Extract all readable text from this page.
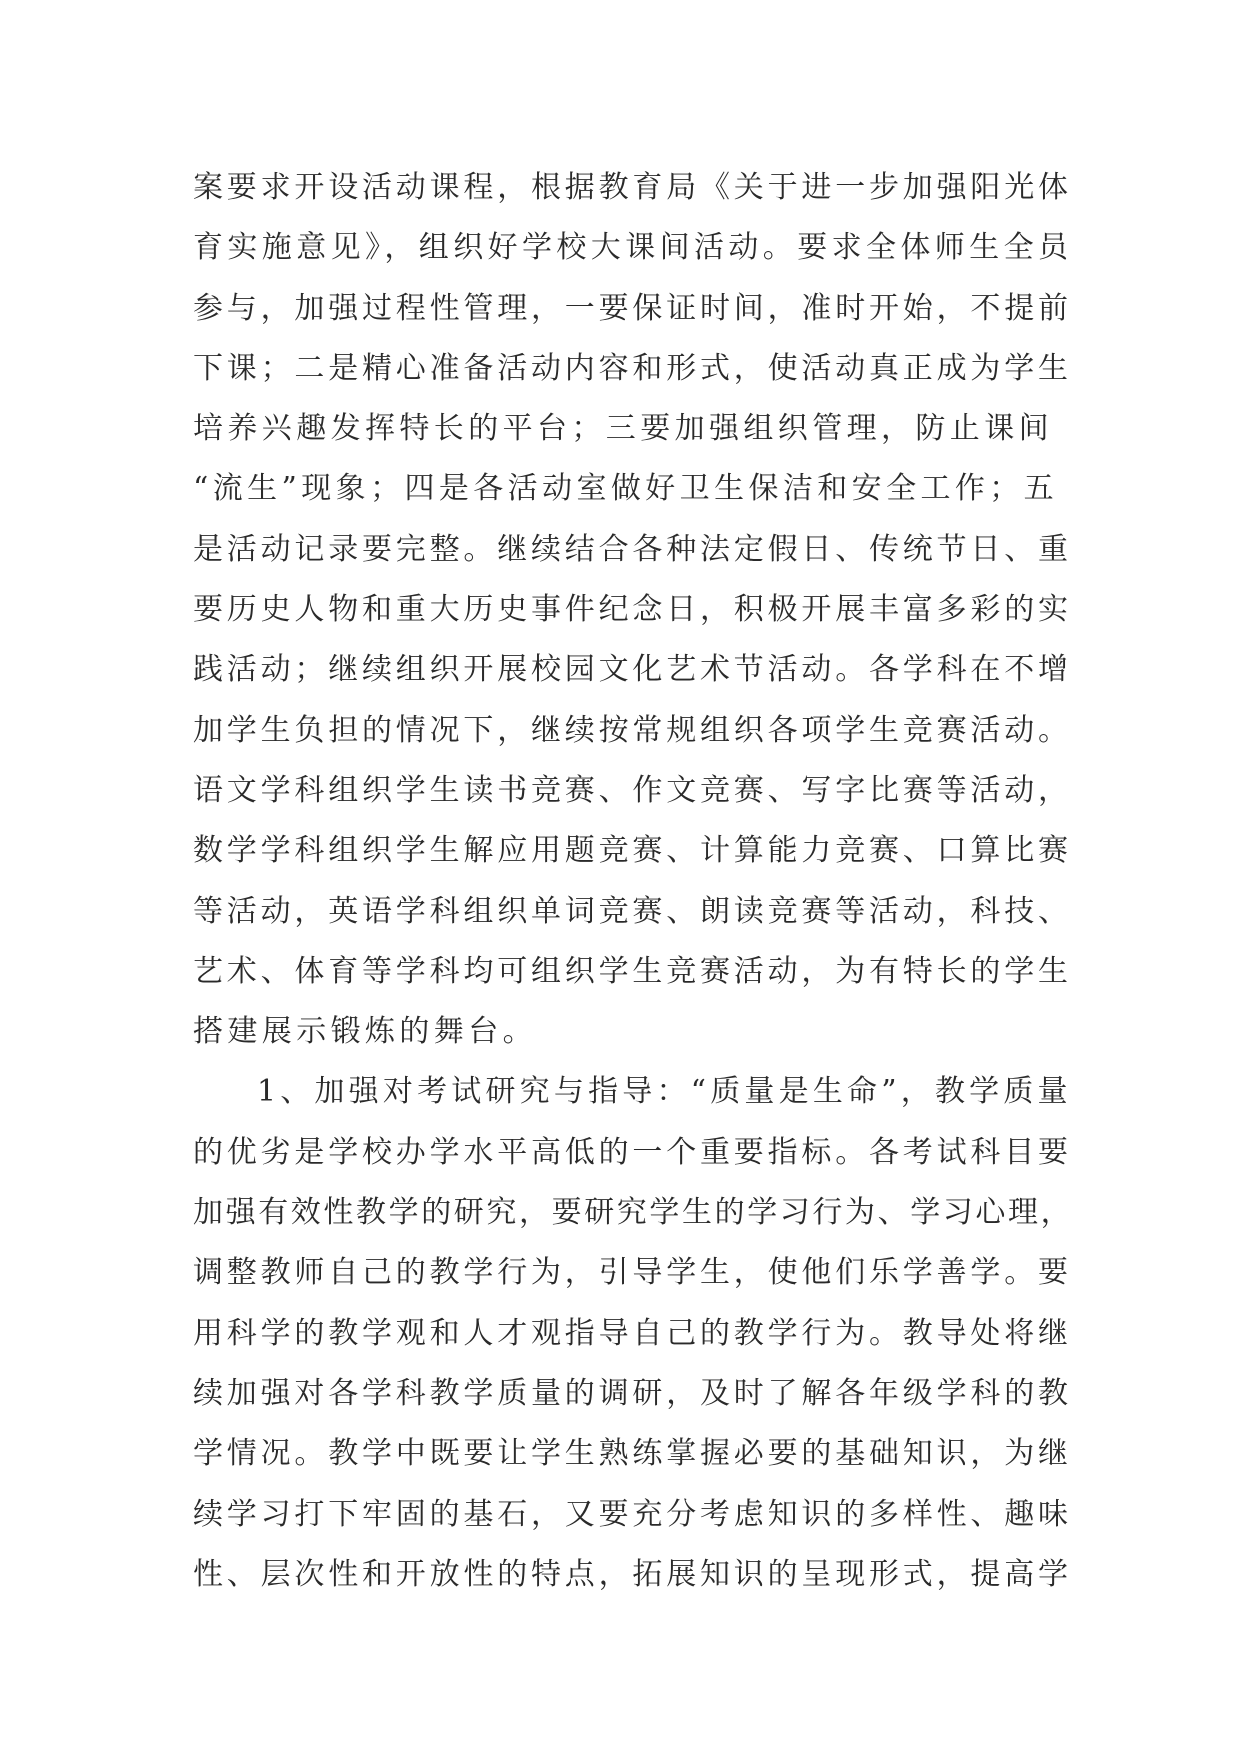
案要求开设活动课程，根据教育局《关于进一步加强阳光体
育实施意见》，组织好学校大课间活动。要求全体师生全员
参与，加强过程性管理，一要保证时间，准时开始，不提前
下课；二是精心准备活动内容和形式，使活动真正成为学生
培养兴趣发挥特长的平台；三要加强组织管理，防止课间
“流生”现象；四是各活动室做好卫生保洁和安全工作；五
是活动记录要完整。继续结合各种法定假日、传统节日、重
要历史人物和重大历史事件纪念日，积极开展丰富多彩的实
践活动；继续组织开展校园文化艺术节活动。各学科在不增
加学生负担的情况下，继续按常规组织各项学生竞赛活动。
语文学科组织学生读书竞赛、作文竞赛、写字比赛等活动，
数学学科组织学生解应用题竞赛、计算能力竞赛、口算比赛
等活动，英语学科组织单词竞赛、朗读竞赛等活动，科技、
艺术、体育等学科均可组织学生竞赛活动，为有特长的学生
搭建展示锻炼的舞台。
1、加强对考试研究与指导：“质量是生命”，教学质量
的优劣是学校办学水平高低的一个重要指标。各考试科目要
加强有效性教学的研究，要研究学生的学习行为、学习心理，
调整教师自己的教学行为，引导学生，使他们乐学善学。要
用科学的教学观和人才观指导自己的教学行为。教导处将继
续加强对各学科教学质量的调研，及时了解各年级学科的教
学情况。教学中既要让学生熟练掌握必要的基础知识，为继
续学习打下牢固的基石，又要充分考虑知识的多样性、趣味
性、层次性和开放性的特点，拓展知识的呈现形式，提高学
